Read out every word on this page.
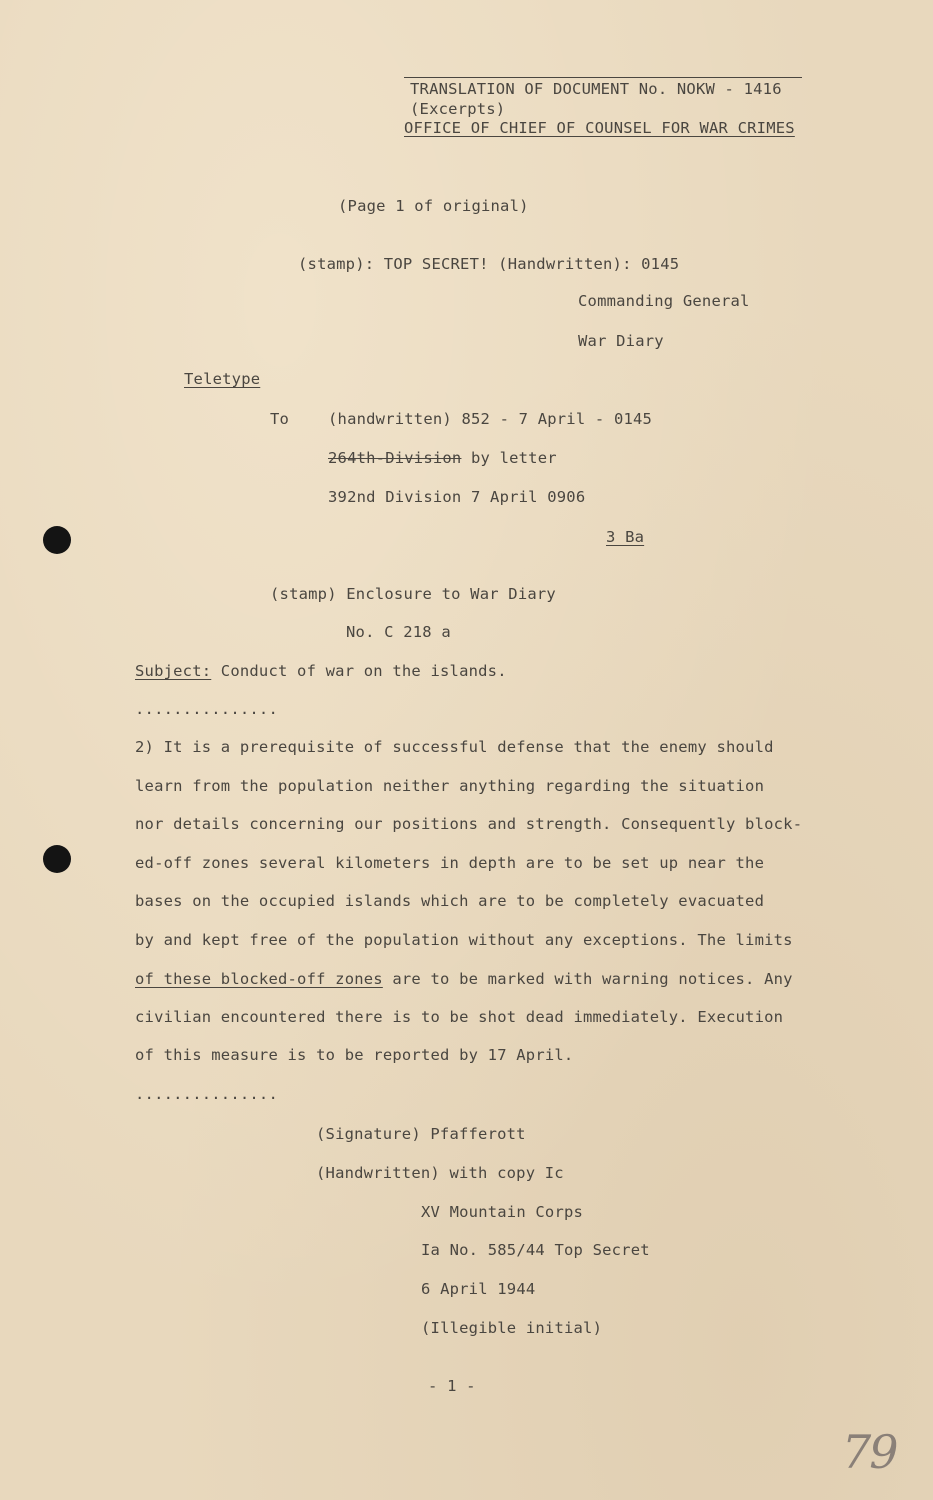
TRANSLATION OF DOCUMENT No. NOKW - 1416
(Excerpts)
OFFICE OF CHIEF OF COUNSEL FOR WAR CRIMES
(Page 1 of original)
(stamp): TOP SECRET! (Handwritten): 0145
Commanding General
War Diary
Teletype
To	(handwritten) 852 - 7 April - 0145
264th-Division by letter
392nd Division 7 April 0906
3 Ba
(stamp) Enclosure to War Diary
No. C 218 a
Subject: Conduct of war on the islands.
...............
2) It is a prerequisite of successful defense that the enemy should
learn from the population neither anything regarding the situation
nor details concerning our positions and strength. Consequently block-
ed-off zones several kilometers in depth are to be set up near the
bases on the occupied islands which are to be completely evacuated
by and kept free of the population without any exceptions. The limits
of these blocked-off zones are to be marked with warning notices. Any
civilian encountered there is to be shot dead immediately. Execution
of this measure is to be reported by 17 April.
...............
(Signature) Pfafferott
(Handwritten) with copy Ic
XV Mountain Corps
Ia No. 585/44 Top Secret
6 April 1944
(Illegible initial)
- 1 -
79
